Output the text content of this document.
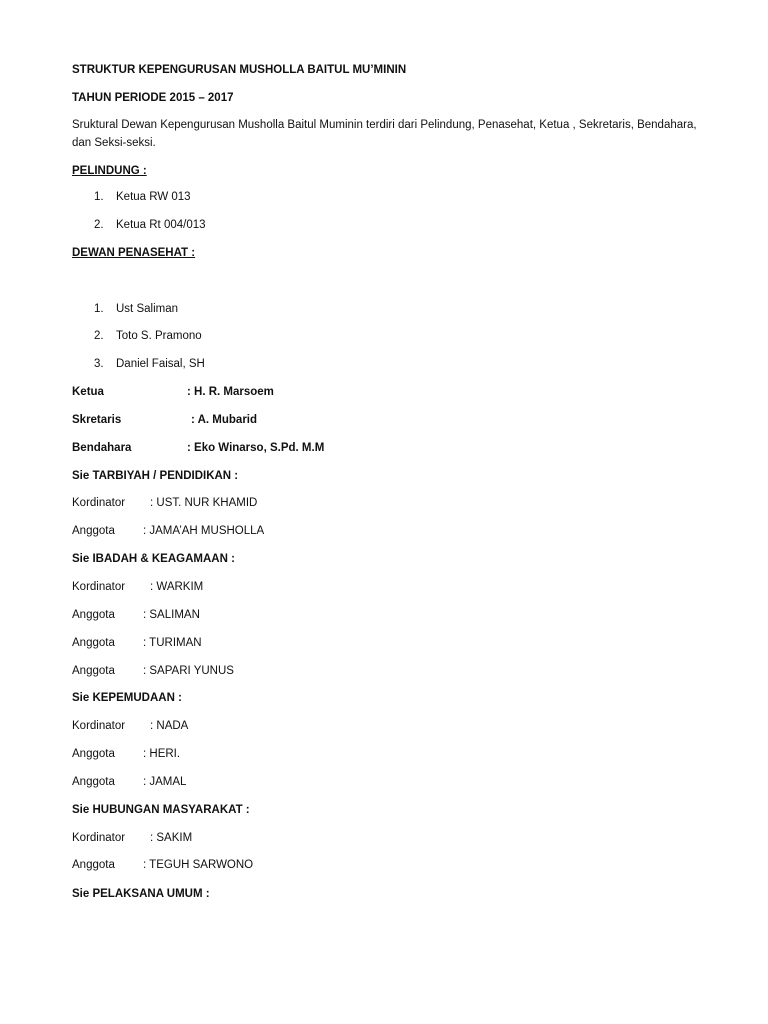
STRUKTUR KEPENGURUSAN MUSHOLLA BAITUL MU’MININ
TAHUN PERIODE 2015 – 2017
Sruktural Dewan Kepengurusan Musholla Baitul Muminin terdiri dari Pelindung, Penasehat, Ketua , Sekretaris, Bendahara, dan Seksi-seksi.
PELINDUNG :
1. Ketua RW 013
2. Ketua Rt 004/013
DEWAN PENASEHAT :
1. Ust Saliman
2. Toto S. Pramono
3. Daniel Faisal, SH
Ketua	: H. R. Marsoem
Skretaris	: A. Mubarid
Bendahara	: Eko Winarso, S.Pd. M.M
Sie TARBIYAH / PENDIDIKAN :
Kordinator : UST. NUR KHAMID
Anggota : JAMA’AH MUSHOLLA
Sie IBADAH & KEAGAMAAN :
Kordinator : WARKIM
Anggota : SALIMAN
Anggota : TURIMAN
Anggota : SAPARI YUNUS
Sie KEPEMUDAAN :
Kordinator : NADA
Anggota : HERI.
Anggota : JAMAL
Sie HUBUNGAN MASYARAKAT :
Kordinator : SAKIM
Anggota : TEGUH SARWONO
Sie PELAKSANA UMUM :
